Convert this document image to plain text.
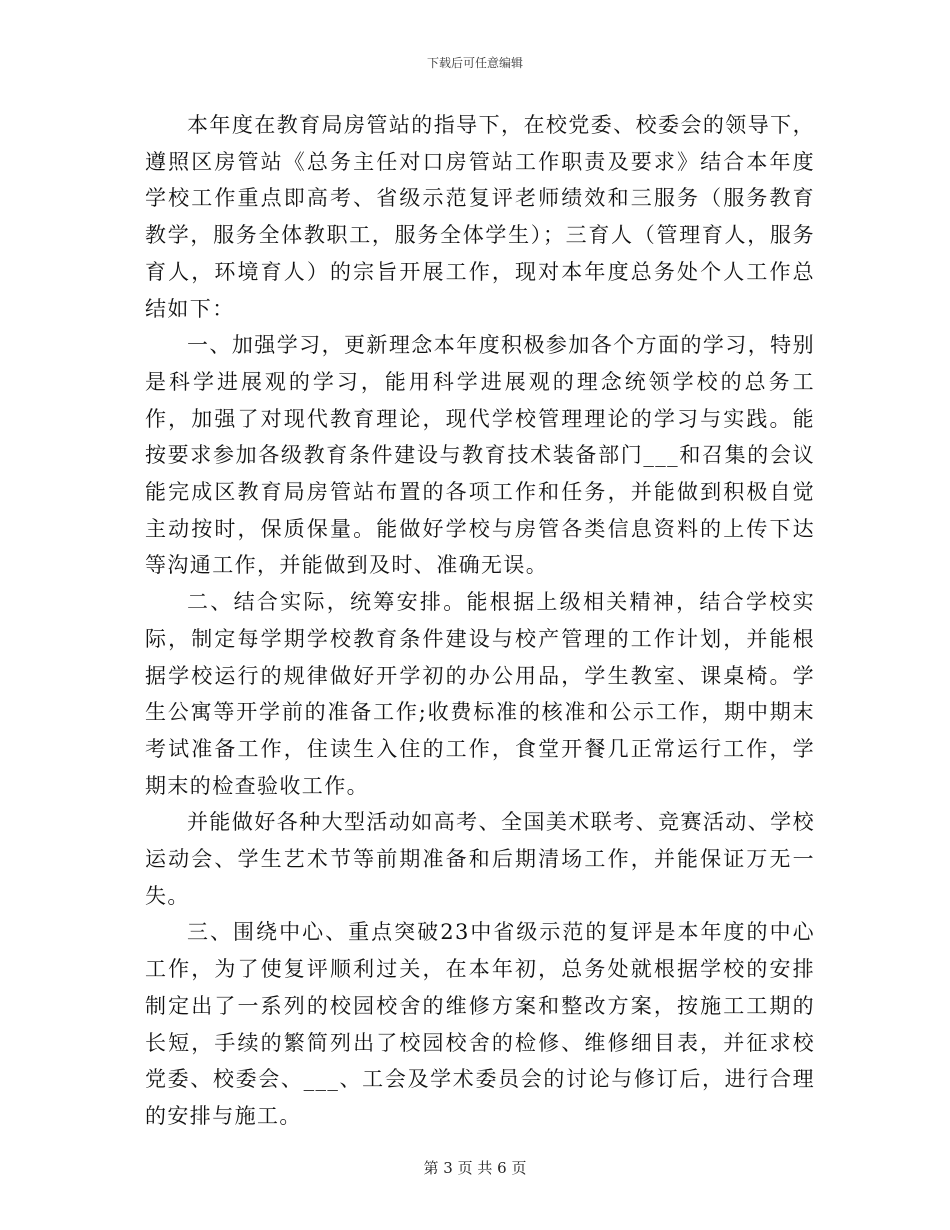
下载后可任意编辑

本年度在教育局房管站的指导下，在校党委、校委会的领导下，遵照区房管站《总务主任对口房管站工作职责及要求》结合本年度学校工作重点即高考、省级示范复评老师绩效和三服务（服务教育教学，服务全体教职工，服务全体学生）；三育人（管理育人，服务育人，环境育人）的宗旨开展工作，现对本年度总务处个人工作总结如下：

一、加强学习，更新理念本年度积极参加各个方面的学习，特别是科学进展观的学习，能用科学进展观的理念统领学校的总务工作，加强了对现代教育理论，现代学校管理理论的学习与实践。能按要求参加各级教育条件建设与教育技术装备部门___和召集的会议能完成区教育局房管站布置的各项工作和任务，并能做到积极自觉主动按时，保质保量。能做好学校与房管各类信息资料的上传下达等沟通工作，并能做到及时、准确无误。

二、结合实际，统筹安排。能根据上级相关精神，结合学校实际，制定每学期学校教育条件建设与校产管理的工作计划，并能根据学校运行的规律做好开学初的办公用品，学生教室、课桌椅。学生公寓等开学前的准备工作;收费标准的核准和公示工作，期中期末考试准备工作，住读生入住的工作，食堂开餐几正常运行工作，学期末的检查验收工作。

并能做好各种大型活动如高考、全国美术联考、竞赛活动、学校运动会、学生艺术节等前期准备和后期清场工作，并能保证万无一失。

三、围绕中心、重点突破23中省级示范的复评是本年度的中心工作，为了使复评顺利过关，在本年初，总务处就根据学校的安排制定出了一系列的校园校舍的维修方案和整改方案，按施工工期的长短，手续的繁简列出了校园校舍的检修、维修细目表，并征求校党委、校委会、___、工会及学术委员会的讨论与修订后，进行合理的安排与施工。

第 3 页 共 6 页
